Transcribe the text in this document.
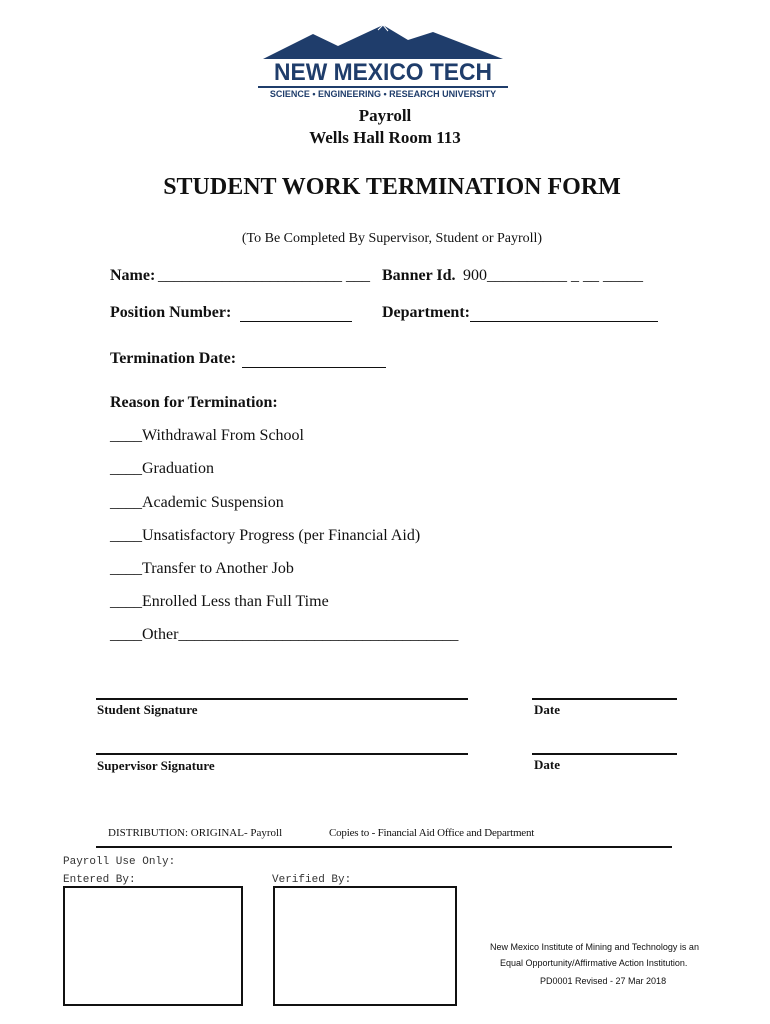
NEW MEXICO TECH
SCIENCE • ENGINEERING • RESEARCH UNIVERSITY
Payroll
Wells Hall Room 113
STUDENT WORK TERMINATION FORM
(To Be Completed By Supervisor, Student or Payroll)
Name: _______________________ ___ Banner Id. 900__________ _ __ _____
Position Number:	Department:
Termination Date:
Reason for Termination:
____Withdrawal From School
____Graduation
____Academic Suspension
____Unsatisfactory Progress (per Financial Aid)
____Transfer to Another Job
____Enrolled Less than Full Time
____Other___________________________________
Student Signature	Date
Supervisor Signature	Date
DISTRIBUTION: ORIGINAL- Payroll	Copies to - Financial Aid Office and Department
Payroll Use Only:
Entered By:	Verified By:
New Mexico Institute of Mining and Technology is an
Equal Opportunity/Affirmative Action Institution.
PD0001 Revised - 27 Mar 2018
